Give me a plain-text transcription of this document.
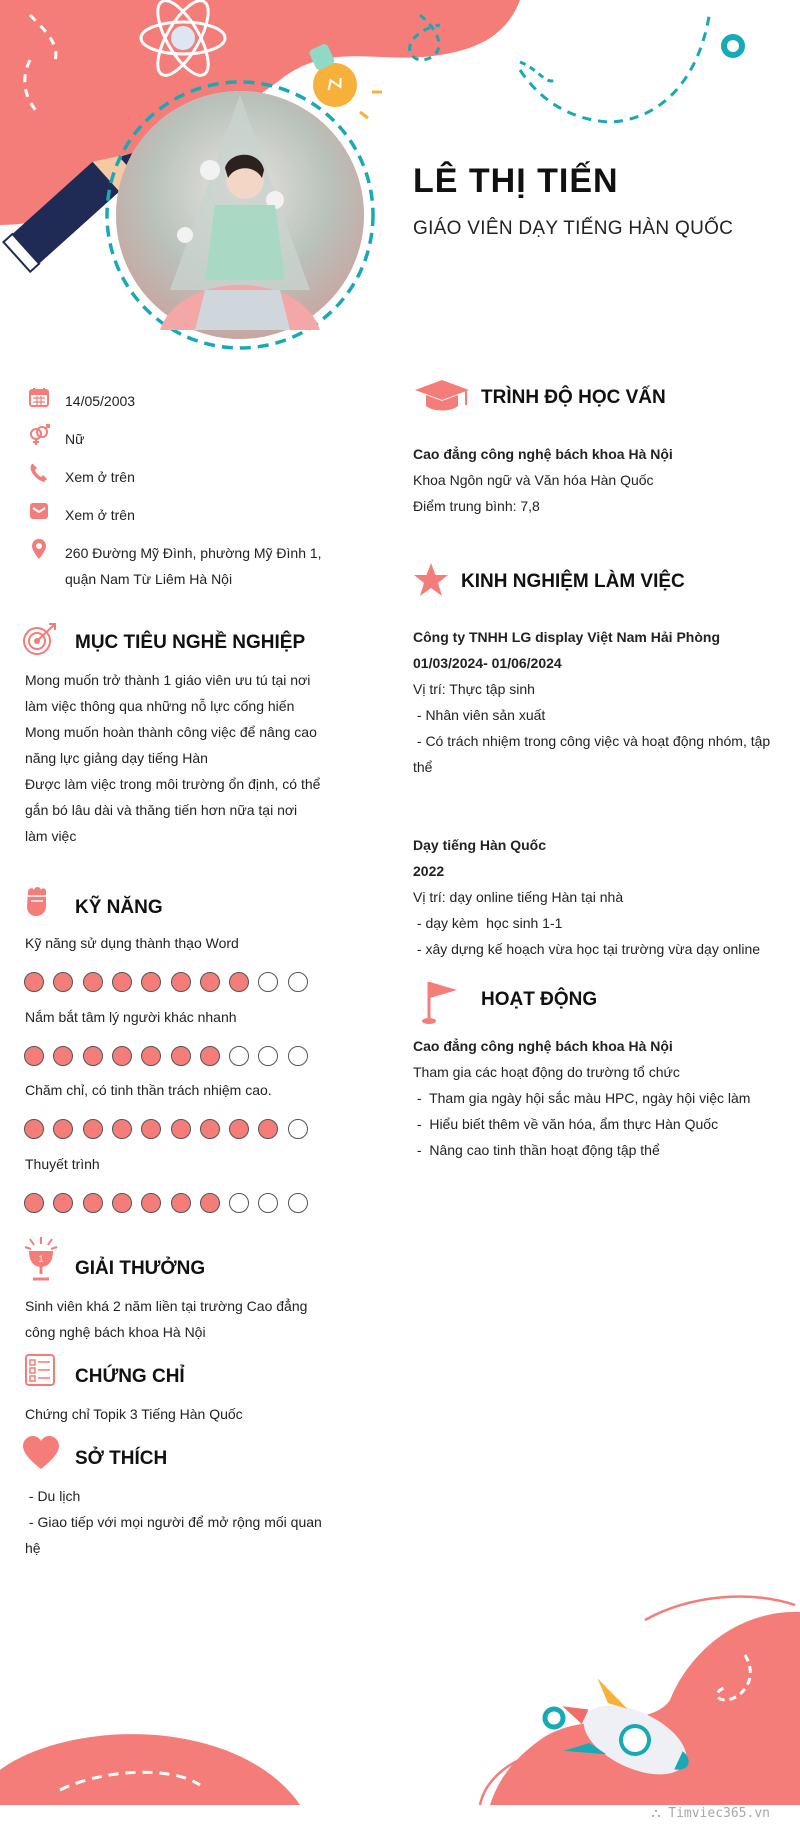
LÊ THỊ TIẾN
GIÁO VIÊN DẠY TIẾNG HÀN QUỐC
14/05/2003
Nữ
Xem ở trên
Xem ở trên
260 Đường Mỹ Đình, phường Mỹ Đình 1,
quận Nam Từ Liêm Hà Nội
MỤC TIÊU NGHỀ NGHIỆP
Mong muốn trở thành 1 giáo viên ưu tú tại nơi
làm việc thông qua những nỗ lực cống hiến
Mong muốn hoàn thành công việc để nâng cao
năng lực giảng dạy tiếng Hàn
Được làm việc trong môi trường ổn định, có thể
gắn bó lâu dài và thăng tiến hơn nữa tại nơi
làm việc
KỸ NĂNG
Kỹ năng sử dụng thành thạo Word
Nắm bắt tâm lý người khác nhanh
Chăm chỉ, có tinh thần trách nhiệm cao.
Thuyết trình
1 GIẢI THƯỞNG
Sinh viên khá 2 năm liền tại trường Cao đẳng
công nghệ bách khoa Hà Nội
CHỨNG CHỈ
Chứng chỉ Topik 3 Tiếng Hàn Quốc
SỞ THÍCH
- Du lịch
- Giao tiếp với mọi người để mở rộng mối quan
hệ
TRÌNH ĐỘ HỌC VẤN
Cao đẳng công nghệ bách khoa Hà Nội
Khoa Ngôn ngữ và Văn hóa Hàn Quốc
Điểm trung bình: 7,8
KINH NGHIỆM LÀM VIỆC
Công ty TNHH LG display Việt Nam Hải Phòng
01/03/2024- 01/06/2024
Vị trí: Thực tập sinh
- Nhân viên sản xuất
- Có trách nhiệm trong công việc và hoạt động nhóm, tập
thể
Dạy tiếng Hàn Quốc
2022
Vị trí: dạy online tiếng Hàn tại nhà
- dạy kèm  học sinh 1-1
- xây dựng kế hoạch vừa học tại trường vừa dạy online
HOẠT ĐỘNG
Cao đẳng công nghệ bách khoa Hà Nội
Tham gia các hoạt động do trường tổ chức
-  Tham gia ngày hội sắc màu HPC, ngày hội việc làm
-  Hiểu biết thêm về văn hóa, ẩm thực Hàn Quốc
-  Nâng cao tinh thần hoạt động tập thể
⛬ Timviec365.vn
